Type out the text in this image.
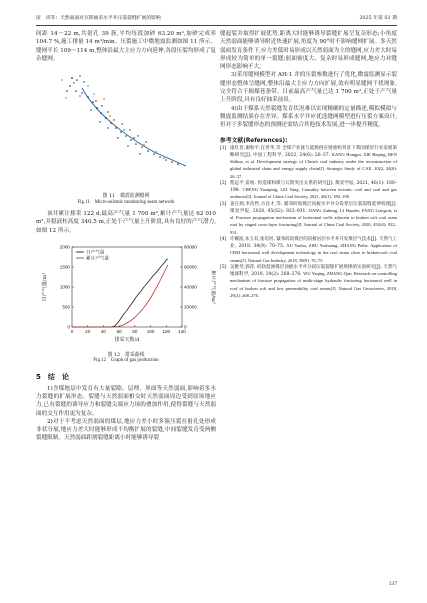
庞　涛等：天然弱面对瓦斯抽采水平井压裂裂缝扩展的影响	2025 年第 S1 期

间距 14～22 m,共射孔 39 簇,平均每段加砂 63.20 m³,加砂完成率 104.7 %,施工排量 14 m³/min。压裂施工中微地震监测如图 11 所示。缝网半长 109～114 m,整体沿最大主应力方向延伸,各段压裂均形成了复杂缝网。

图 11　微震监测缝网
Fig.11　Micro-seismic monitoring seam network

该井累计排采 122 d,最高产气量 1 700 m³,累计产气量达 62 010 m³,并稳液柱高度 340.5 m,正处于产气量上升阶段,具有良好的产气潜力,如图 12 所示。

0	20 40 60 80 100 120 140
0
500
1000
1500
2000
0
20000
40000
60000
80000
排采天数/d
日产气量/m³	累计产气量/m³
日产气量
累计产气量
图 12　排采曲线
Fig.12　Graph of gas production
5　结　论

1)含煤地层中发育有大量裂隙、层理、界面等天然弱面,影响着多水力裂缝的扩展形态。裂缝与天然弱面相交时天然弱面周边受到原场地应力,已有裂缝的诱导应力和裂缝尖端应力场的叠加作用,使得裂缝与天然弱面的交互作用更为复杂。

2)对于不考虑天然弱面的煤层,地应力差小时多簇压裂在射孔处形成非状分展,地应力差大时能够形成不均衡扩展的裂缝,中间裂缝发育受两侧裂缝限制。天然弱面距割裂缝距离小时能够诱导裂

缝起裂并取得扩展优势,距离大时能够诱导裂缝扩展呈复杂形态;小角度天然弱面能够诱导附近快速扩展,角度为 90°时不影响缝网扩展。多天然弱面发育条件下,应力差低时易形成以天然弱面为主的缝网,应力差大时易形成较为简单的单一裂缝;弱面密度大、复杂时易形成缝网,地应力对缝网形态影响不大。

3)采用缝网模型对 AH-1 井的压裂参数进行了优化,微震监测显示裂缝形态整体呈缝网,整体沿最大主应力方向扩展,效有明显缝网干扰现象,完全符合于揭煤巷条带。目前最高产气量已达 1 700 m³,正处于产气量上升阶段,具有良好抽采前景。

4)由于煤系天然裂缝发育状况难以实现精确的定量描述,模拟模拟与微震监测结果存在差异。煤系水平井应优选缝网模型进行压裂方案设计,但对于多裂缝形态的预测还需结合其他技术发展,进一步提升精度。

参考文献(References):
[1] 康红普,谢和平,任世华,等 全煤产业链与能源供应链重构背景下我国煤炭行业发展策略研究[J]. 中国工程科学, 2022, 24(6): 26–37. KANG Hongpu, XIE Heping, REN Shihua, et al. Development strategy of China's coal industry under the reconstruction of global industrial chain and energy supply chain[J]. Strategic Study of CAE, 2022, 24(6): 26–37.
[2] 程远平,雷杨. 构造煤和煤与瓦斯突出关系的研究[J]. 煤炭学报, 2021, 46(1): 180–198. CHENG Yuanping, LEI Yang. Causality between tectonic coal and coal and gas outbursts[J]. Journal of China Coal Society, 2021, 46(1): 180–198.
[3] 姜在炳,李浩哲,方良才,等. 紧邻碎软煤层顶板水平井分段穿层压裂裂缝延伸机理[J]. 煤炭学报, 2020, 45(S2): 922–931. JIANG Zaibing, LI Haozhe, FANG Liangcai, et al. Fracture propagation mechanism of horizontal wells adjacent to broken soft coal seam roof by staged cross-layer fracturing[J]. Journal of China Coal Society, 2020, 45(S2): 922–931.
[4] 许耀波,朱玉双,张培河. 紧邻碎软煤层的顶板岩层水平井开发煤层气技术[J]. 天然气工业, 2018, 38(9): 70–75. XU Yaobo, ZHU Yushuang, ZHANG Peihe. Application of CBM horizontal well development technology in the roof strata close to broken-soft coal seams[J]. Natural Gas Industry, 2018, 38(9): 70–75.
[5] 吴雅琴,郭萍. 碎软低渗煤层顶板水平井分段压裂裂缝扩展规律的实验研究[J]. 天然气地球科学, 2018, 29(2): 268–276. WU Yaqing, ZHANG Qun. Research on controlling mechanism of fracture propagation of multi-stage hydraulic fracturing horizontal well in roof of broken soft and low permeability coal seams[J]. Natural Gas Geoscience, 2018, 29(2): 268–276.
137
